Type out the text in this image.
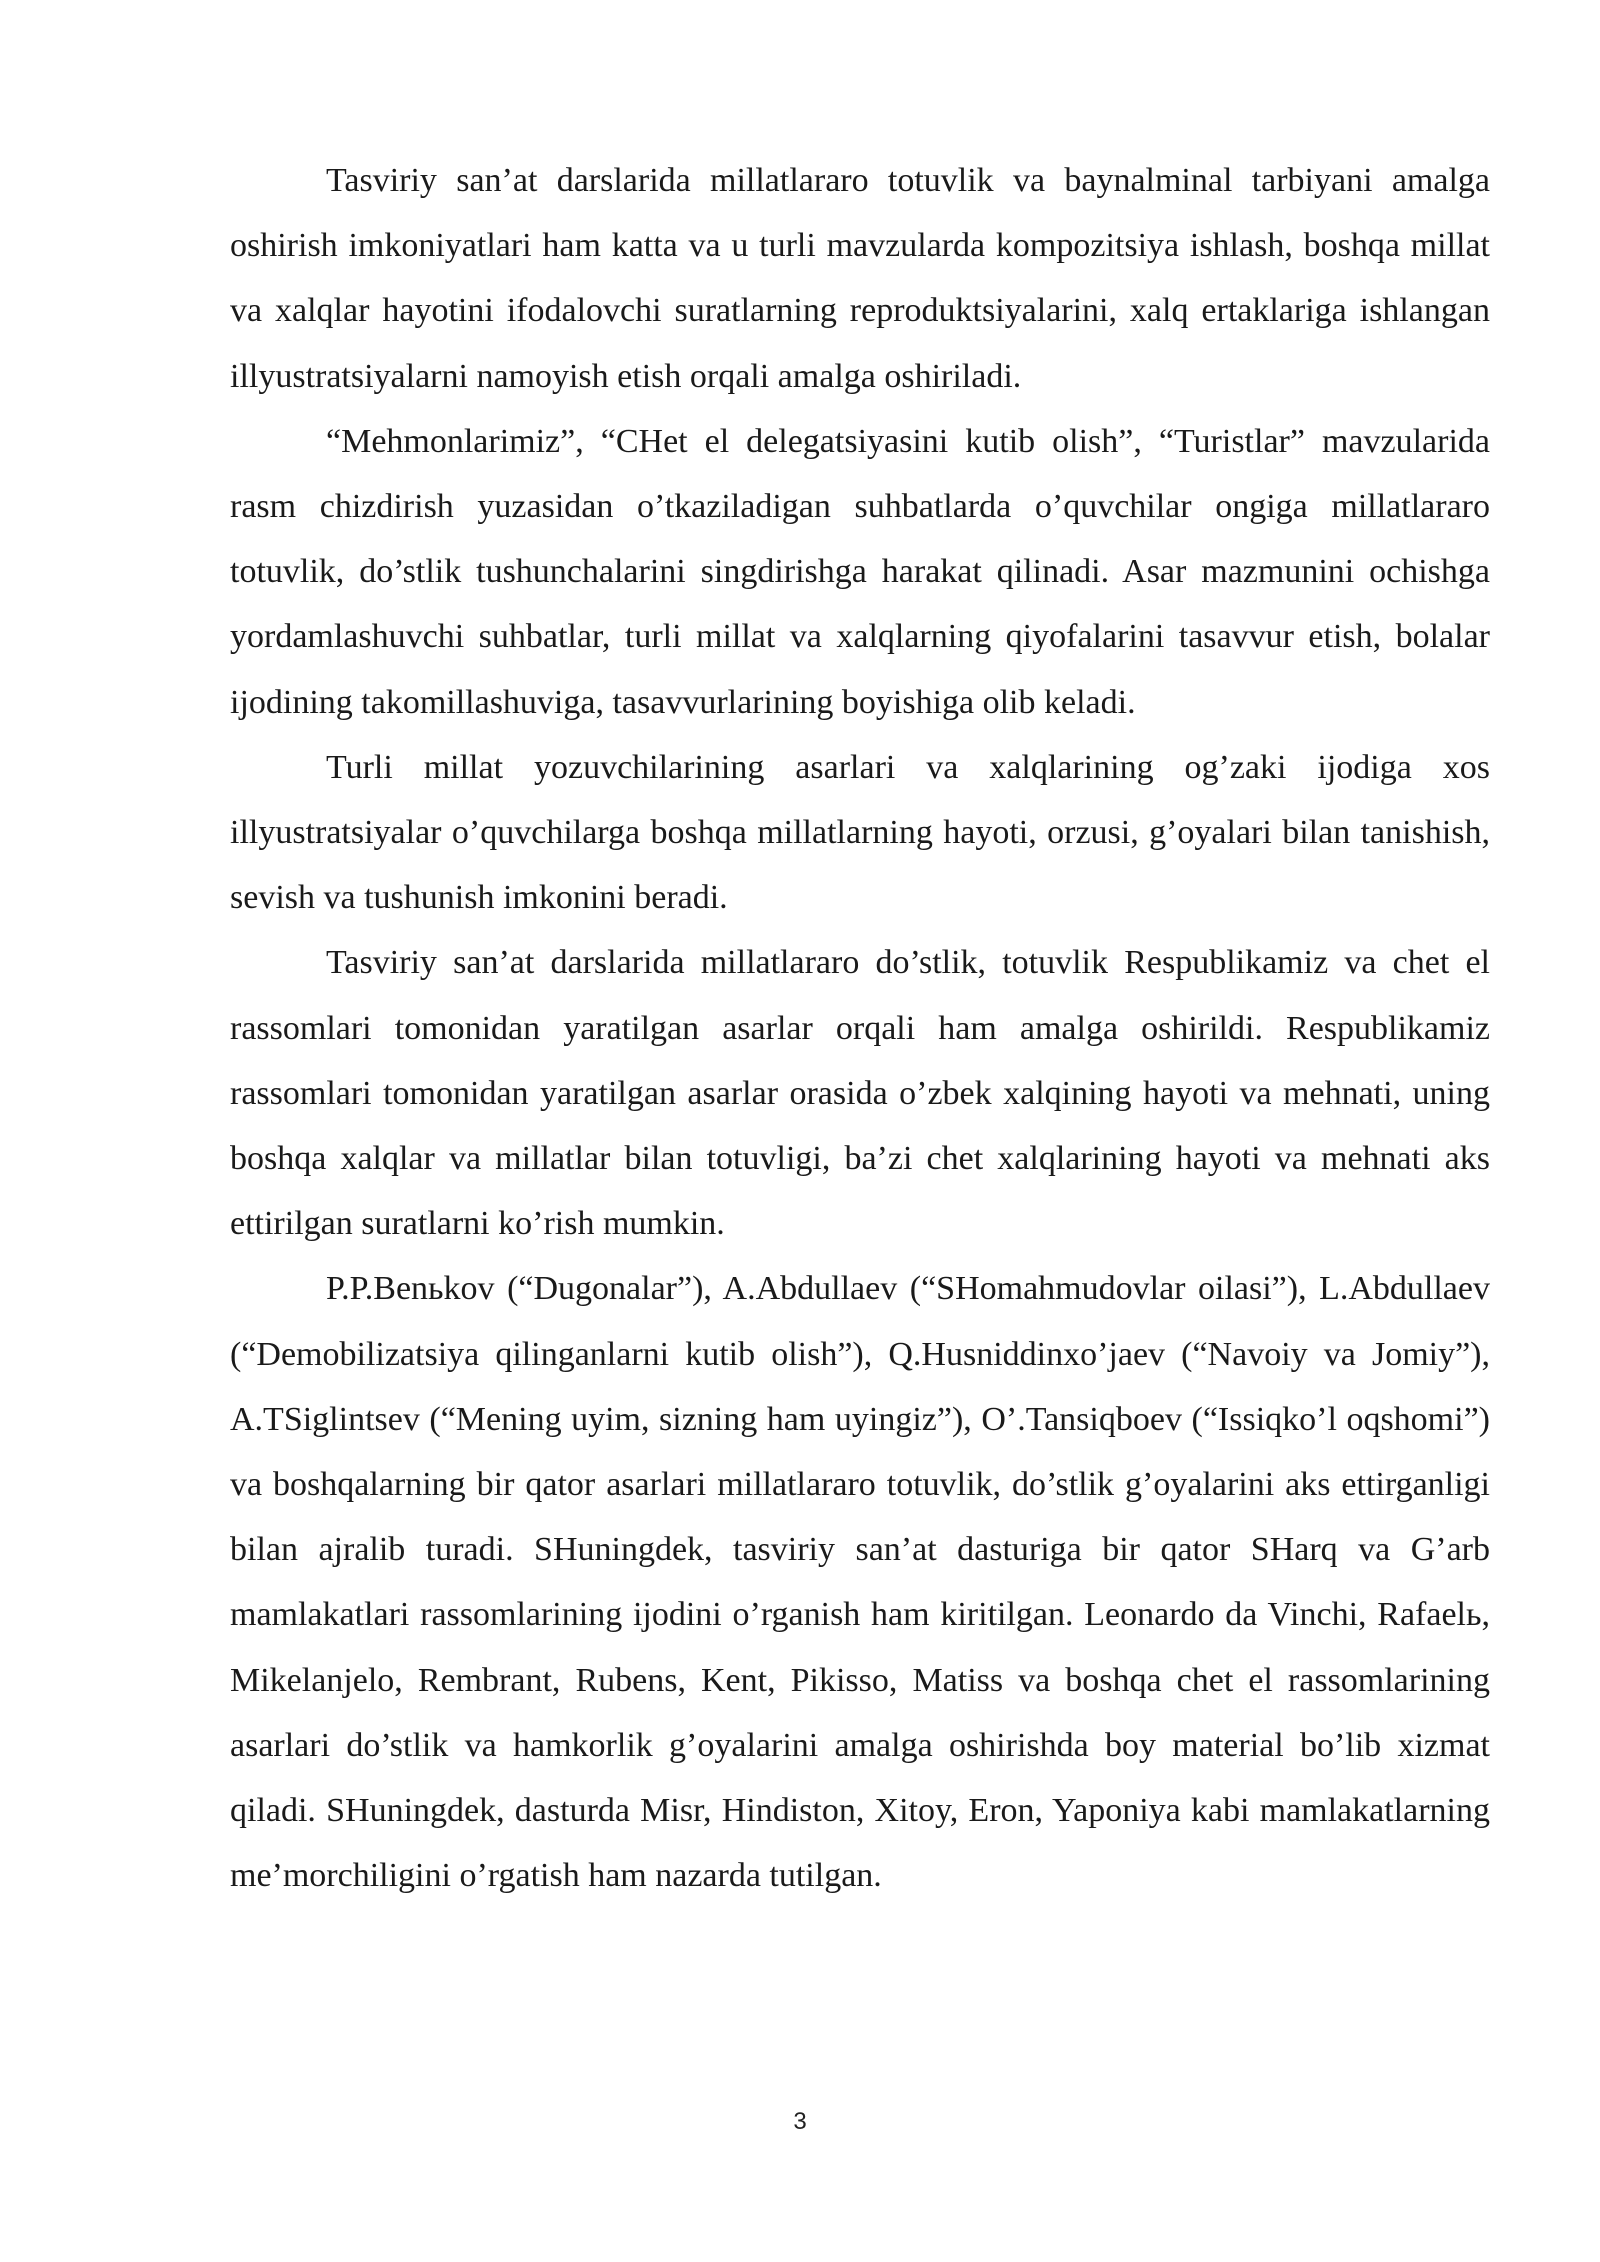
Tasviriy san’at darslarida millatlararo totuvlik va baynalminal tarbiyani amalga oshirish imkoniyatlari ham katta va u turli mavzularda kompozitsiya ishlash, boshqa millat va xalqlar hayotini ifodalovchi suratlarning reproduktsiyalarini, xalq ertaklariga ishlangan illyustratsiyalarni namoyish etish orqali amalga oshiriladi.

“Mehmonlarimiz”, “CHet el delegatsiyasini kutib olish”, “Turistlar” mavzularida rasm chizdirish yuzasidan o’tkaziladigan suhbatlarda o’quvchilar ongiga millatlararo totuvlik, do’stlik tushunchalarini singdirishga harakat qilinadi. Asar mazmunini ochishga yordamlashuvchi suhbatlar, turli millat va xalqlarning qiyofalarini tasavvur etish, bolalar ijodining takomillashuviga, tasavvurlarining boyishiga olib keladi.

Turli millat yozuvchilarining asarlari va xalqlarining og’zaki ijodiga xos illyustratsiyalar o’quvchilarga boshqa millatlarning hayoti, orzusi, g’oyalari bilan tanishish, sevish va tushunish imkonini beradi.

Tasviriy san’at darslarida millatlararo do’stlik, totuvlik Respublikamiz va chet el rassomlari tomonidan yaratilgan asarlar orqali ham amalga oshirildi. Respublikamiz rassomlari tomonidan yaratilgan asarlar orasida o’zbek xalqining hayoti va mehnati, uning boshqa xalqlar va millatlar bilan totuvligi, ba’zi chet xalqlarining hayoti va mehnati aks ettirilgan suratlarni ko’rish mumkin.

P.P.Benьkov (“Dugonalar”), A.Abdullaev (“SHomahmudovlar oilasi”), L.Abdullaev (“Demobilizatsiya qilinganlarni kutib olish”), Q.Husniddinxo’jaev (“Navoiy va Jomiy”), A.TSiglintsev (“Mening uyim, sizning ham uyingiz”), O’.Tansiqboev (“Issiqko’l oqshomi”) va boshqalarning bir qator asarlari millatlararo totuvlik, do’stlik g’oyalarini aks ettirganligi bilan ajralib turadi. SHuningdek, tasviriy san’at dasturiga bir qator SHarq va G’arb mamlakatlari rassomlarining ijodini o’rganish ham kiritilgan. Leonardo da Vinchi, Rafaelь, Mikelanjelo, Rembrant, Rubens, Kent, Pikisso, Matiss va boshqa chet el rassomlarining asarlari do’stlik va hamkorlik g’oyalarini amalga oshirishda boy material bo’lib xizmat qiladi. SHuningdek, dasturda Misr, Hindiston, Xitoy, Eron, Yaponiya kabi mamlakatlarning me’morchiligini o’rgatish ham nazarda tutilgan.

3
